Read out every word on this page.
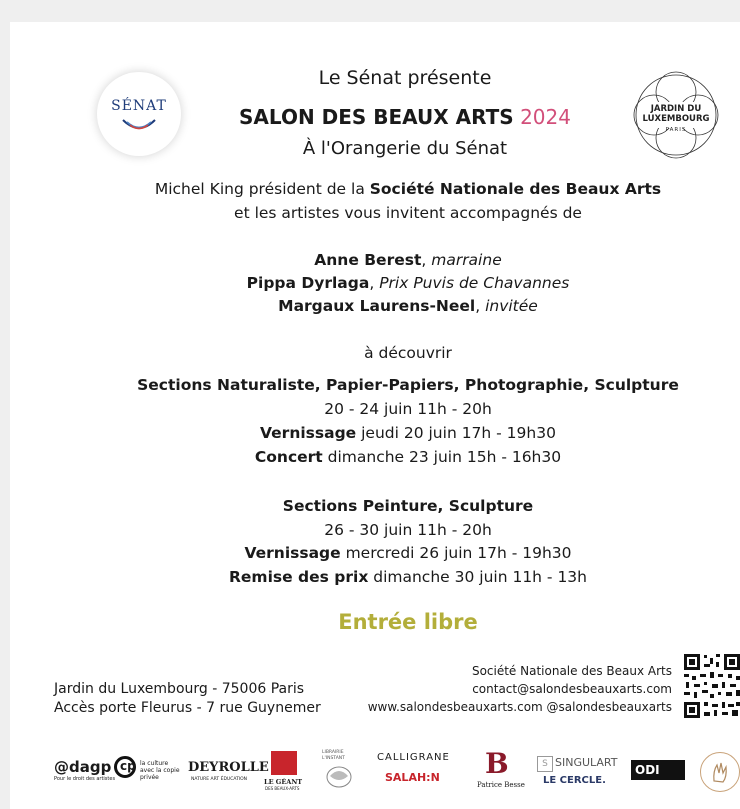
SÉNAT	JARDIN DU
LUXEMBOURG
PARIS
Le Sénat présente
SALON DES BEAUX ARTS 2024
À l'Orangerie du Sénat
Michel King président de la Société Nationale des Beaux Arts
et les artistes vous invitent accompagnés de
Anne Berest, marraine
Pippa Dyrlaga, Prix Puvis de Chavannes
Margaux Laurens-Neel, invitée
à découvrir
Sections Naturaliste, Papier-Papiers, Photographie, Sculpture
20 - 24 juin 11h - 20h
Vernissage jeudi 20 juin 17h - 19h30
Concert dimanche 23 juin 15h - 16h30
Sections Peinture, Sculpture
26 - 30 juin 11h - 20h
Vernissage mercredi 26 juin 17h - 19h30
Remise des prix dimanche 30 juin 11h - 13h
Entrée libre
Jardin du Luxembourg - 75006 Paris
Accès porte Fleurus - 7 rue Guynemer
Société Nationale des Beaux Arts
contact@salondesbeauxarts.com
www.salondesbeauxarts.com @salondesbeauxarts
@dagp
Pour le droit des artistes
cp la culture avec la copie privée
DEYROLLE
NATURE ART ÉDUCATION	LE GÉANT
DES BEAUX-ARTS
LIBRAIRIE L'INSTANT	CALLIGRANE
SALAH:N B
Patrice Besse
S SINGULART
LE CERCLE.
ODI
